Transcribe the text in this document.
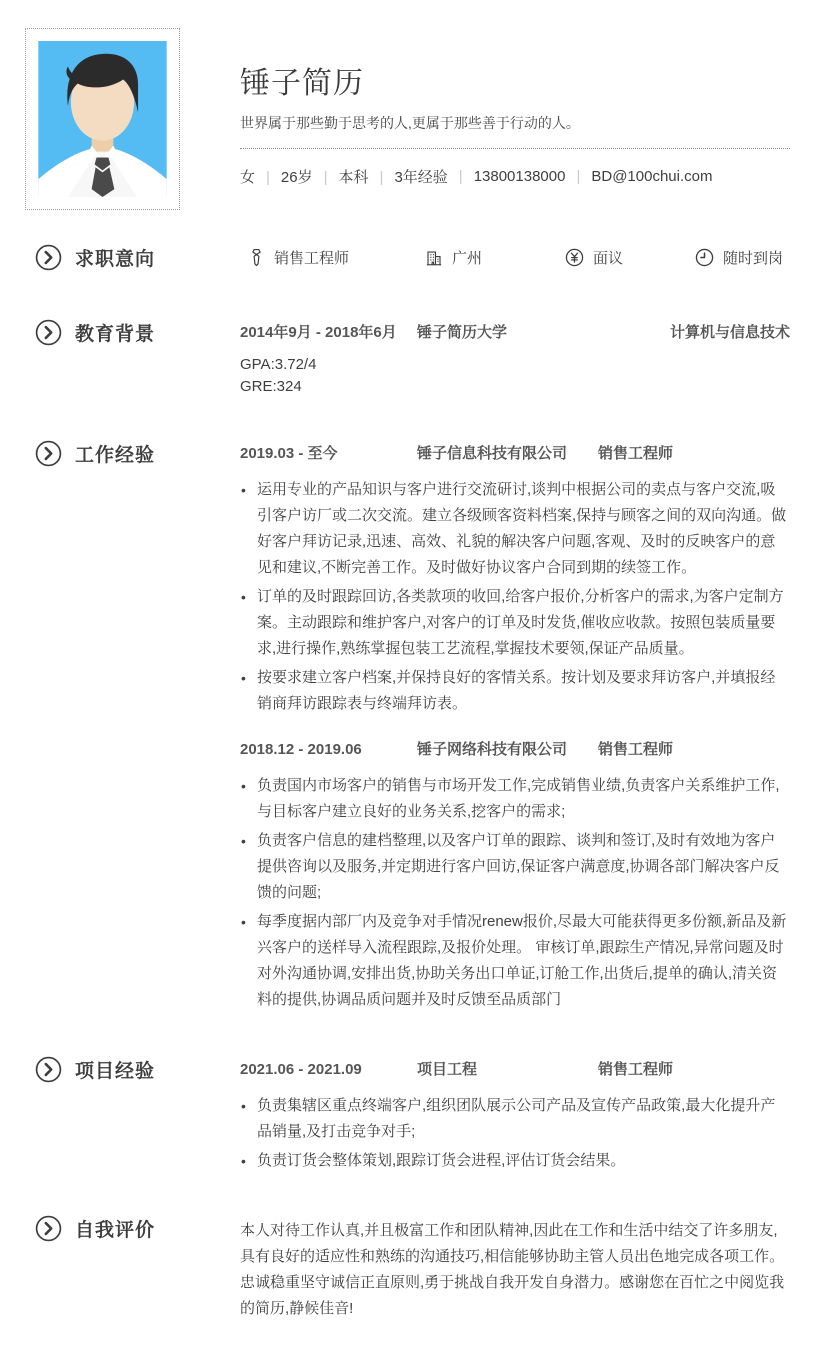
锤子简历
世界属于那些勤于思考的人,更属于那些善于行动的人。
女	| 26岁	| 本科	| 3年经验	| 13800138000	| BD@100chui.com
求职意向	销售工程师	广州	面议	随时到岗
教育背景	2014年9月 - 2018年6月	锤子简历大学	计算机与信息技术
GPA:3.72/4
GRE:324
工作经验	2019.03 - 至今	锤子信息科技有限公司	销售工程师
• 运用专业的产品知识与客户进行交流研讨,谈判中根据公司的卖点与客户交流,吸引客户访厂或二次交流。建立各级顾客资料档案,保持与顾客之间的双向沟通。做好客户拜访记录,迅速、高效、礼貌的解决客户问题,客观、及时的反映客户的意见和建议,不断完善工作。及时做好协议客户合同到期的续签工作。
• 订单的及时跟踪回访,各类款项的收回,给客户报价,分析客户的需求,为客户定制方案。主动跟踪和维护客户,对客户的订单及时发货,催收应收款。按照包装质量要求,进行操作,熟练掌握包装工艺流程,掌握技术要领,保证产品质量。
• 按要求建立客户档案,并保持良好的客情关系。按计划及要求拜访客户,并填报经销商拜访跟踪表与终端拜访表。
2018.12 - 2019.06	锤子网络科技有限公司	销售工程师
• 负责国内市场客户的销售与市场开发工作,完成销售业绩,负责客户关系维护工作,与目标客户建立良好的业务关系,挖客户的需求;
• 负责客户信息的建档整理,以及客户订单的跟踪、谈判和签订,及时有效地为客户提供咨询以及服务,并定期进行客户回访,保证客户满意度,协调各部门解决客户反馈的问题;
• 每季度据内部厂内及竞争对手情况renew报价,尽最大可能获得更多份额,新品及新兴客户的送样导入流程跟踪,及报价处理。 审核订单,跟踪生产情况,异常问题及时对外沟通协调,安排出货,协助关务出口单证,订舱工作,出货后,提单的确认,清关资料的提供,协调品质问题并及时反馈至品质部门
项目经验	2021.06 - 2021.09	项目工程	销售工程师
• 负责集辖区重点终端客户,组织团队展示公司产品及宣传产品政策,最大化提升产品销量,及打击竞争对手;
• 负责订货会整体策划,跟踪订货会进程,评估订货会结果。
自我评价	本人对待工作认真,并且极富工作和团队精神,因此在工作和生活中结交了许多朋友,具有良好的适应性和熟练的沟通技巧,相信能够协助主管人员出色地完成各项工作。忠诚稳重坚守诚信正直原则,勇于挑战自我开发自身潜力。感谢您在百忙之中阅览我的简历,静候佳音!
